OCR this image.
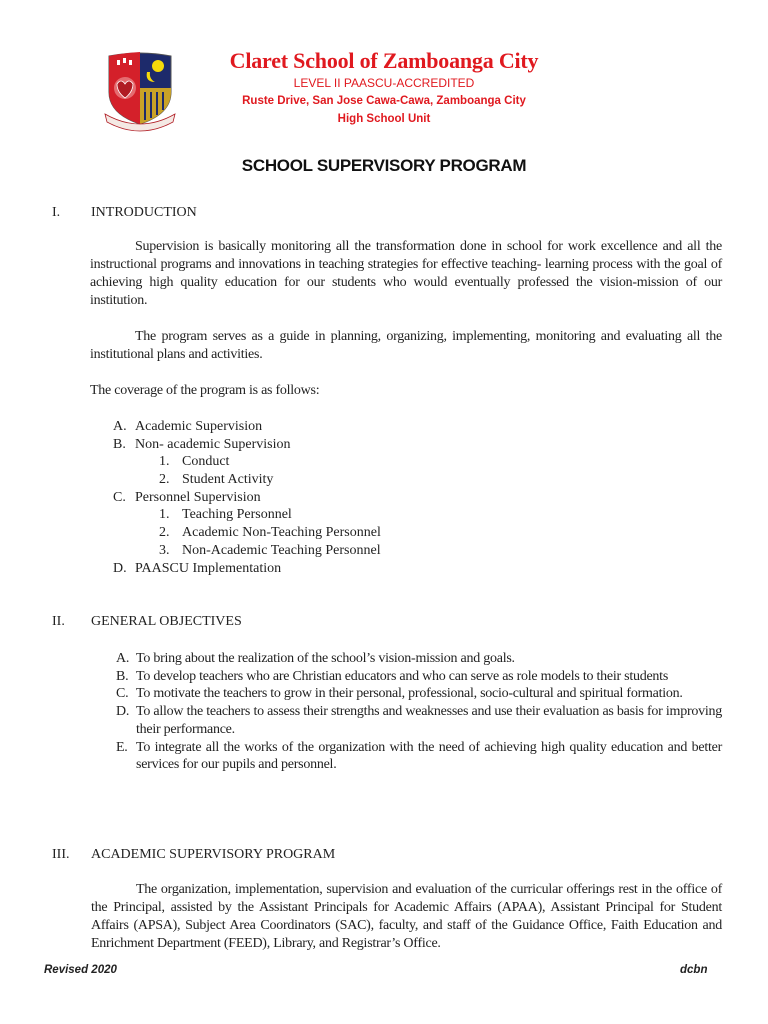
Claret School of Zamboanga City
LEVEL II PAASCU-ACCREDITED
Ruste Drive, San Jose Cawa-Cawa, Zamboanga City
High School Unit
SCHOOL SUPERVISORY PROGRAM
I. INTRODUCTION
Supervision is basically monitoring all the transformation done in school for work excellence and all the instructional programs and innovations in teaching strategies for effective teaching- learning process with the goal of achieving high quality education for our students who would eventually professed the vision-mission of our institution.
The program serves as a guide in planning, organizing, implementing, monitoring and evaluating all the institutional plans and activities.
The coverage of the program is as follows:
A. Academic Supervision
B. Non- academic Supervision
1. Conduct
2. Student Activity
C. Personnel Supervision
1. Teaching Personnel
2. Academic Non-Teaching Personnel
3. Non-Academic Teaching Personnel
D. PAASCU Implementation
II. GENERAL OBJECTIVES
A. To bring about the realization of the school’s vision-mission and goals.
B. To develop teachers who are Christian educators and who can serve as role models to their students
C. To motivate the teachers to grow in their personal, professional, socio-cultural and spiritual formation.
D. To allow the teachers to assess their strengths and weaknesses and use their evaluation as basis for improving their performance.
E. To integrate all the works of the organization with the need of achieving high quality education and better services for our pupils and personnel.
III. ACADEMIC SUPERVISORY PROGRAM
The organization, implementation, supervision and evaluation of the curricular offerings rest in the office of the Principal, assisted by the Assistant Principals for Academic Affairs (APAA), Assistant Principal for Student Affairs (APSA), Subject Area Coordinators (SAC), faculty, and staff of the Guidance Office, Faith Education and Enrichment Department (FEED), Library, and Registrar’s Office.
Revised 2020	dcbn
